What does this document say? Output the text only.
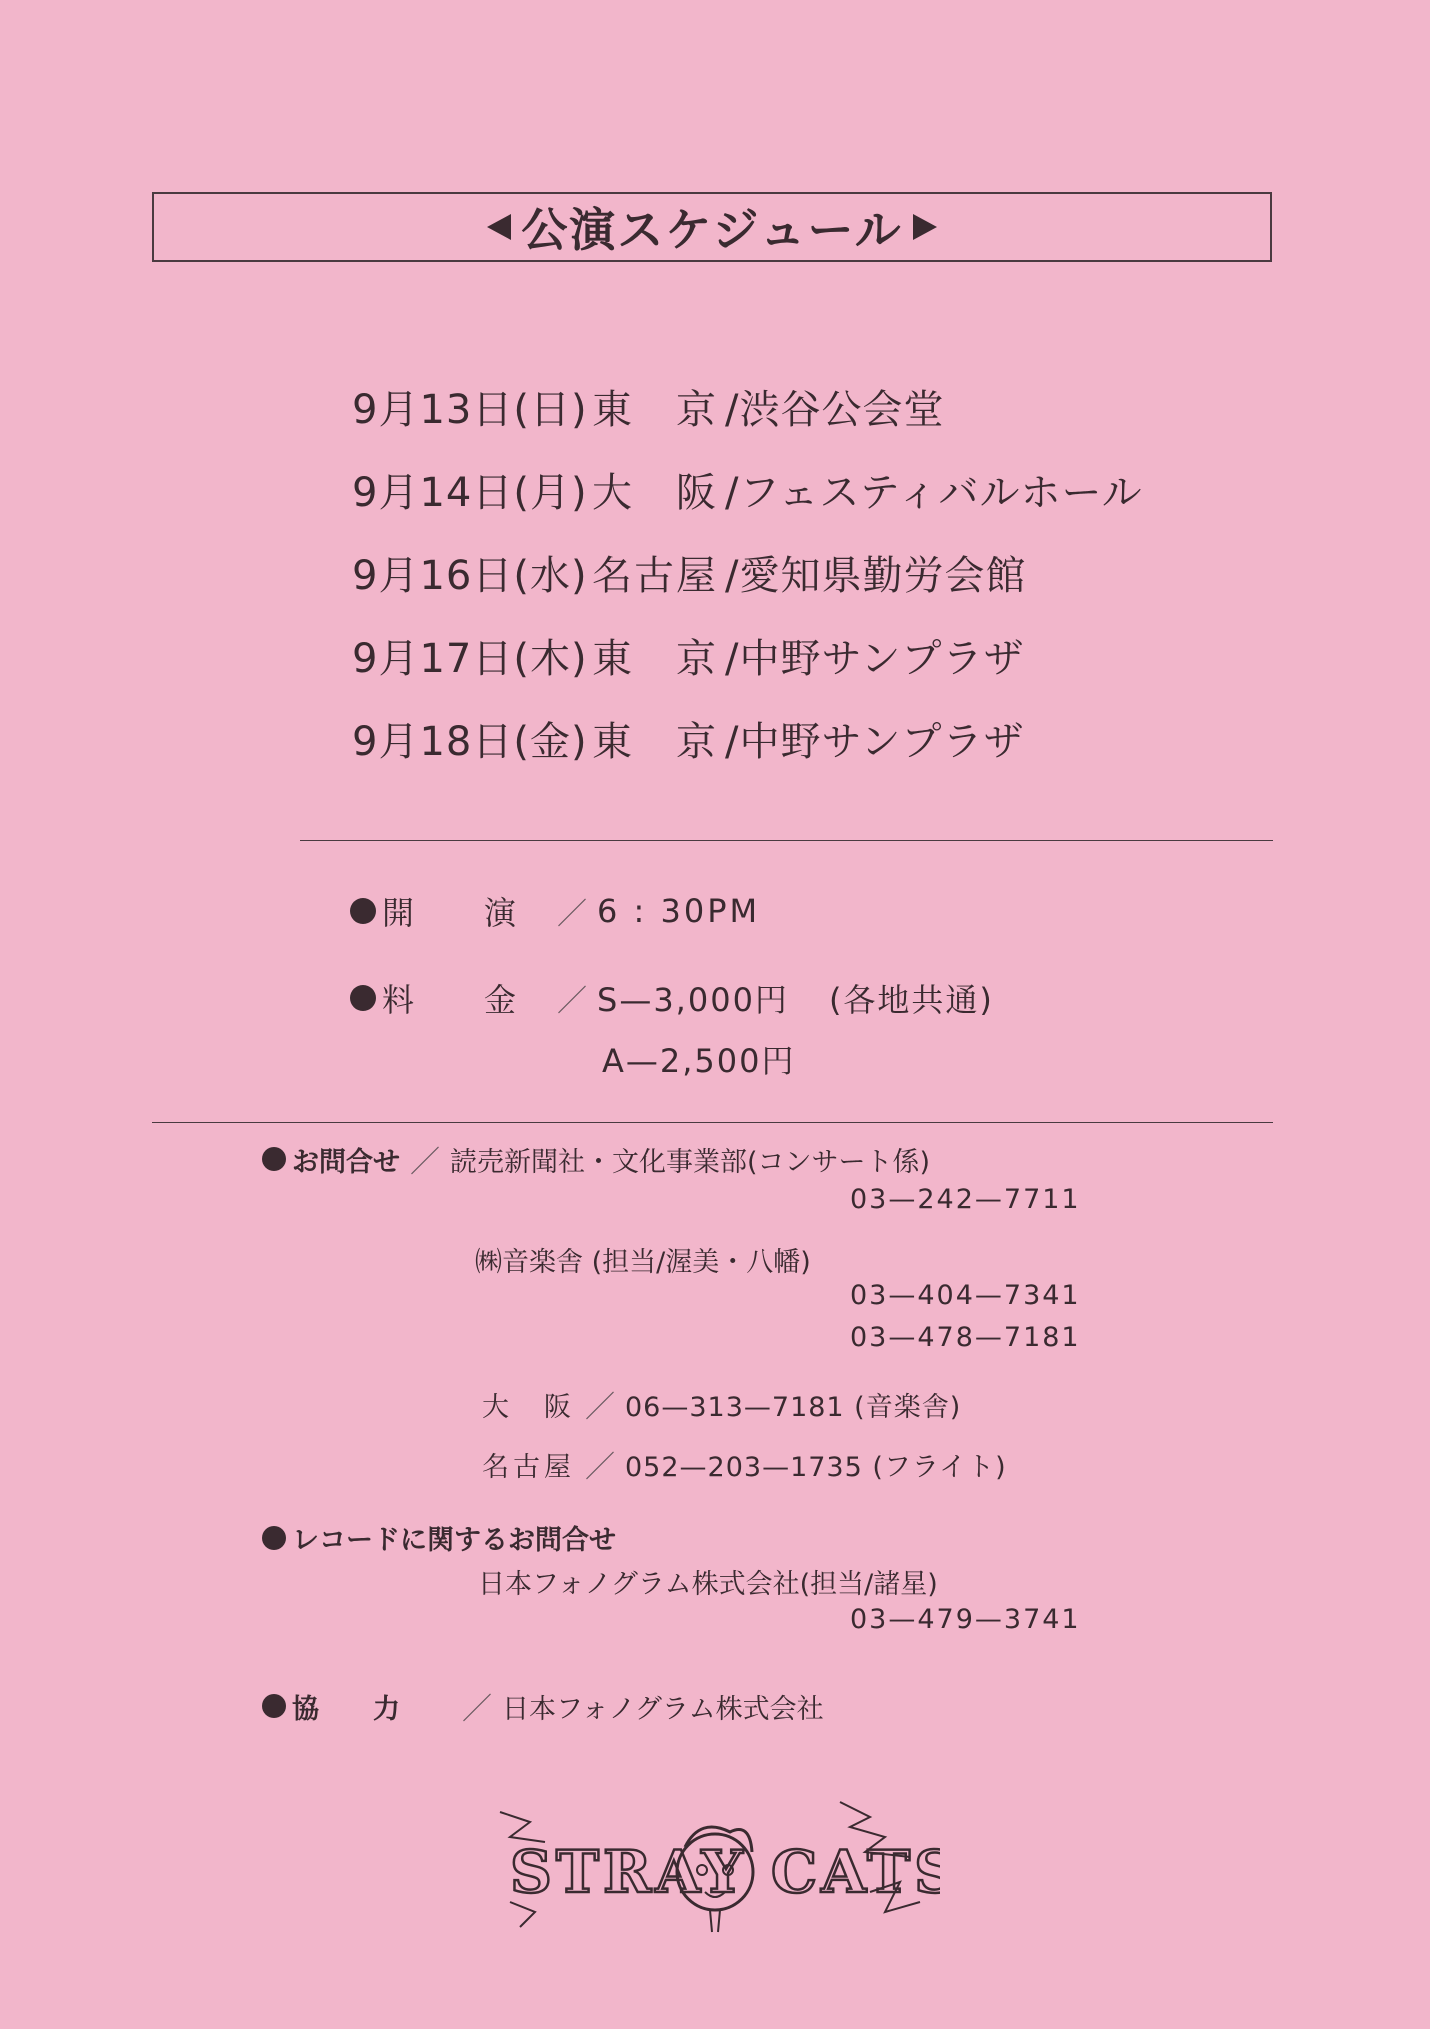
公演スケジュール
9月13日(日) 東　京 /渋谷公会堂
9月14日(月) 大　阪 /フェスティバルホール
9月16日(水) 名古屋 /愛知県勤労会館
9月17日(木) 東　京 /中野サンプラザ
9月18日(金) 東　京 /中野サンプラザ
開　　演	／ 6 : 30PM
料　　金	／ S—3,000円 (各地共通)
A—2,500円
お問合せ ／ 読売新聞社・文化事業部(コンサート係)
03—242—7711
㈱音楽舎 (担当/渥美・八幡)
03—404—7341
03—478—7181
大　阪 ／ 06—313—7181 (音楽舎)
名古屋 ／ 052—203—1735 (フライト)
レコードに関するお問合せ
日本フォノグラム株式会社(担当/諸星)
03—479—3741
協　　力	／ 日本フォノグラム株式会社
STRAY CATS
